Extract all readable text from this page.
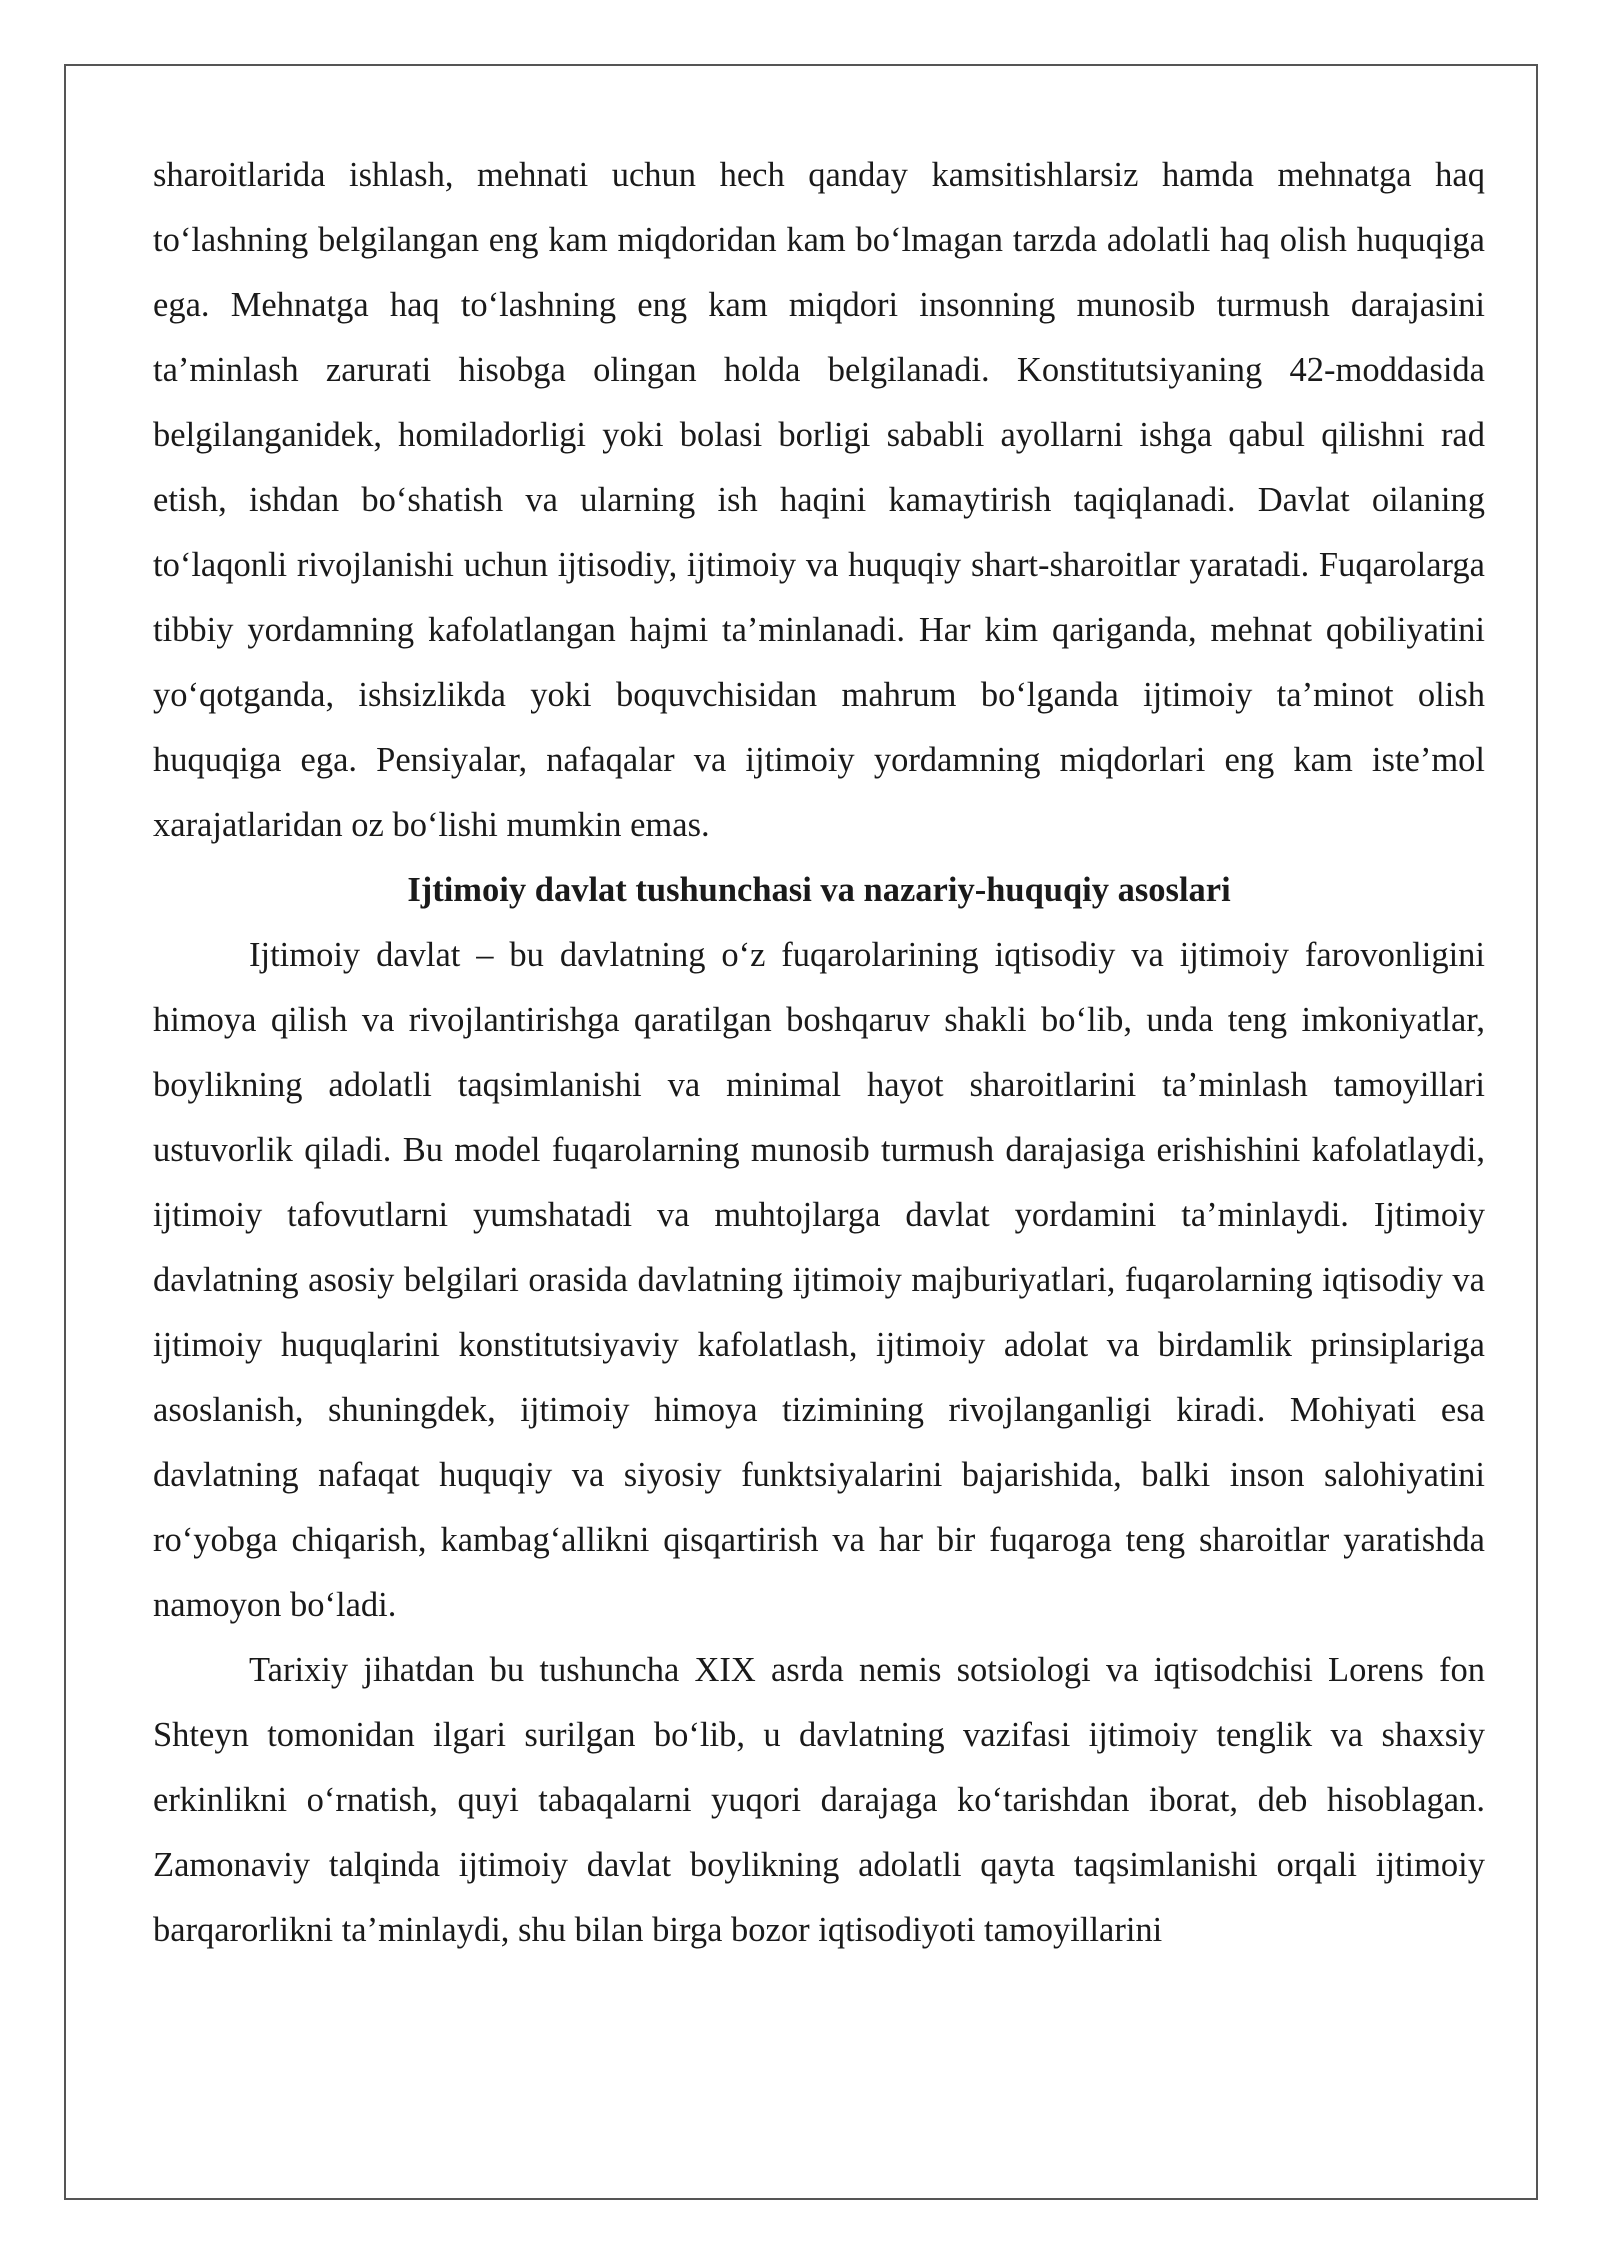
sharoitlarida ishlash, mehnati uchun hech qanday kamsitishlarsiz hamda mehnatga haq to‘lashning belgilangan eng kam miqdoridan kam bo‘lmagan tarzda adolatli haq olish huquqiga ega. Mehnatga haq to‘lashning eng kam miqdori insonning munosib turmush darajasini ta’minlash zarurati hisobga olingan holda belgilanadi. Konstitutsiyaning 42-moddasida belgilanganidek, homiladorligi yoki bolasi borligi sababli ayollarni ishga qabul qilishni rad etish, ishdan bo‘shatish va ularning ish haqini kamaytirish taqiqlanadi. Davlat oilaning to‘laqonli rivojlanishi uchun ijtisodiy, ijtimoiy va huquqiy shart-sharoitlar yaratadi. Fuqarolarga tibbiy yordamning kafolatlangan hajmi ta’minlanadi. Har kim qariganda, mehnat qobiliyatini yo‘qotganda, ishsizlikda yoki boquvchisidan mahrum bo‘lganda ijtimoiy ta’minot olish huquqiga ega. Pensiyalar, nafaqalar va ijtimoiy yordamning miqdorlari eng kam iste’mol xarajatlaridan oz bo‘lishi mumkin emas.

Ijtimoiy davlat tushunchasi va nazariy-huquqiy asoslari

Ijtimoiy davlat – bu davlatning o‘z fuqarolarining iqtisodiy va ijtimoiy farovonligini himoya qilish va rivojlantirishga qaratilgan boshqaruv shakli bo‘lib, unda teng imkoniyatlar, boylikning adolatli taqsimlanishi va minimal hayot sharoitlarini ta’minlash tamoyillari ustuvorlik qiladi. Bu model fuqarolarning munosib turmush darajasiga erishishini kafolatlaydi, ijtimoiy tafovutlarni yumshatadi va muhtojlarga davlat yordamini ta’minlaydi. Ijtimoiy davlatning asosiy belgilari orasida davlatning ijtimoiy majburiyatlari, fuqarolarning iqtisodiy va ijtimoiy huquqlarini konstitutsiyaviy kafolatlash, ijtimoiy adolat va birdamlik prinsiplariga asoslanish, shuningdek, ijtimoiy himoya tizimining rivojlanganligi kiradi. Mohiyati esa davlatning nafaqat huquqiy va siyosiy funktsiyalarini bajarishida, balki inson salohiyatini ro‘yobga chiqarish, kambag‘allikni qisqartirish va har bir fuqaroga teng sharoitlar yaratishda namoyon bo‘ladi.

Tarixiy jihatdan bu tushuncha XIX asrda nemis sotsiologi va iqtisodchisi Lorens fon Shteyn tomonidan ilgari surilgan bo‘lib, u davlatning vazifasi ijtimoiy tenglik va shaxsiy erkinlikni o‘rnatish, quyi tabaqalarni yuqori darajaga ko‘tarishdan iborat, deb hisoblagan. Zamonaviy talqinda ijtimoiy davlat boylikning adolatli qayta taqsimlanishi orqali ijtimoiy barqarorlikni ta’minlaydi, shu bilan birga bozor iqtisodiyoti tamoyillarini
